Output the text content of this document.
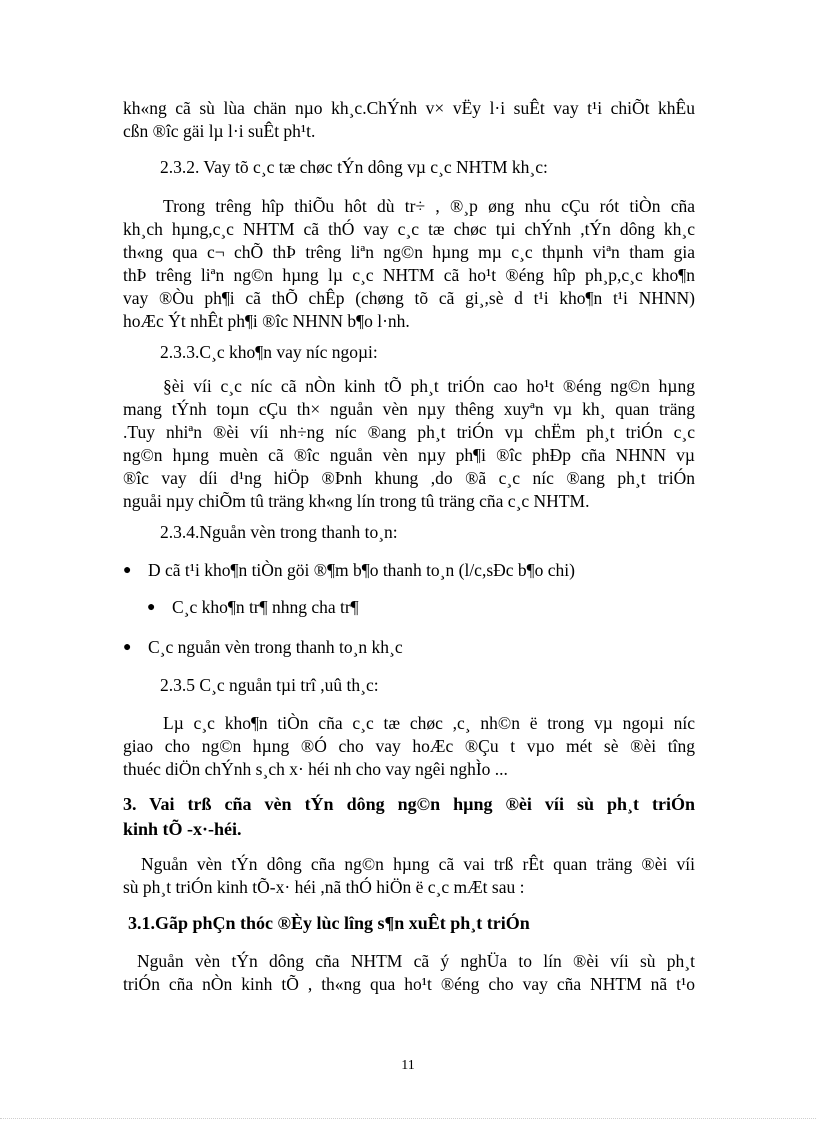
kh«ng cã sù lùa chän nµo kh¸c.ChÝnh v× vËy l·i suÊt vay t¹i chiÕt khÊu
cßn ®îc gäi lµ l·i suÊt ph¹t.
2.3.2. Vay tõ c¸c tæ chøc tÝn dông vµ c¸c NHTM kh¸c:
Trong trêng hîp thiÕu hôt dù tr÷ , ®¸p øng nhu cÇu rót tiÒn cña
kh¸ch hµng,c¸c NHTM cã thÓ vay c¸c tæ chøc tµi chÝnh ,tÝn dông kh¸c
th«ng qua c¬ chÕ thÞ trêng liªn ng©n hµng mµ c¸c thµnh viªn tham gia
thÞ trêng liªn ng©n hµng lµ c¸c NHTM cã ho¹t ®éng hîp ph¸p,c¸c kho¶n
vay ®Òu ph¶i cã thÕ chÊp (chøng tõ cã gi¸,sè d t¹i kho¶n t¹i NHNN)
hoÆc Ýt nhÊt ph¶i ®îc NHNN b¶o l·nh.
2.3.3.C¸c kho¶n vay níc ngoµi:
§èi víi c¸c níc cã nÒn kinh tÕ ph¸t triÓn cao ho¹t ®éng ng©n hµng
mang tÝnh toµn cÇu th× nguån vèn nµy thêng xuyªn vµ kh¸ quan träng
.Tuy nhiªn ®èi víi nh÷ng níc ®ang ph¸t triÓn vµ chËm ph¸t triÓn c¸c
ng©n hµng muèn cã ®îc nguån vèn nµy ph¶i ®îc phÐp cña NHNN vµ
®îc vay díi d¹ng hiÖp ®Þnh khung ,do ®ã c¸c níc ®ang ph¸t triÓn
nguåi nµy chiÕm tû träng kh«ng lín trong tû träng cña c¸c NHTM.
2.3.4.Nguån vèn trong thanh to¸n:
● D cã t¹i kho¶n tiÒn göi ®¶m b¶o thanh to¸n (l/c,sÐc b¶o chi)
● C¸c kho¶n tr¶ nhng cha tr¶
● C¸c nguån vèn trong thanh to¸n kh¸c
2.3.5 C¸c nguån tµi trî ,uû th¸c:
Lµ c¸c kho¶n tiÒn cña c¸c tæ chøc ,c¸ nh©n ë trong vµ ngoµi níc
giao cho ng©n hµng ®Ó cho vay hoÆc ®Çu t vµo mét sè ®èi tîng
thuéc diÖn chÝnh s¸ch x· héi nh cho vay ngêi nghÌo ...
3. Vai trß cña vèn tÝn dông ng©n hµng ®èi víi sù ph¸t triÓn
kinh tÕ -x·-héi.
Nguån vèn tÝn dông cña ng©n hµng cã vai trß rÊt quan träng ®èi víi
sù ph¸t triÓn kinh tÕ-x· héi ,nã thÓ hiÖn ë c¸c mÆt sau :
3.1.Gãp phÇn thóc ®Èy lùc lîng s¶n xuÊt ph¸t triÓn
Nguån vèn tÝn dông cña NHTM cã ý nghÜa to lín ®èi víi sù ph¸t
triÓn cña nÒn kinh tÕ , th«ng qua ho¹t ®éng cho vay cña NHTM nã t¹o
11
